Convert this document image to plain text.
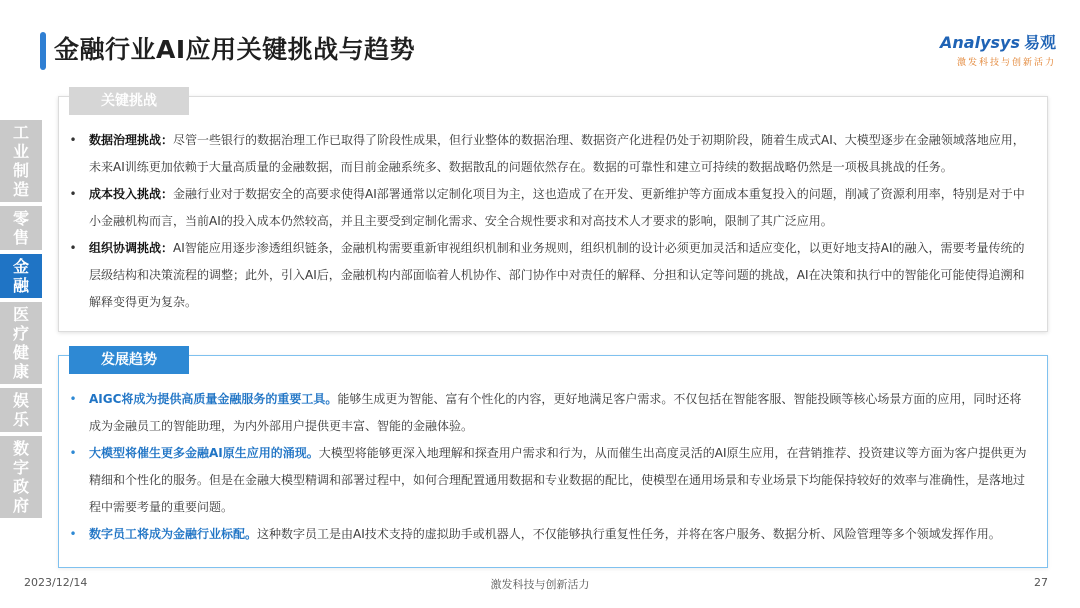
金融行业AI应用关键挑战与趋势	Analysys 易观
激发科技与创新活力
工
业
制
造
零
售
金
融
医
疗
健
康
娱
乐
数
字
政
府
关键挑战
•	数据治理挑战：尽管一些银行的数据治理工作已取得了阶段性成果，但行业整体的数据治理、数据资产化进程仍处于初期阶段，随着生成式AI、大模型逐步在金融领域落地应用，未来AI训练更加依赖于大量高质量的金融数据，而目前金融系统多、数据散乱的问题依然存在。数据的可靠性和建立可持续的数据战略仍然是一项极具挑战的任务。
•	成本投入挑战：金融行业对于数据安全的高要求使得AI部署通常以定制化项目为主，这也造成了在开发、更新维护等方面成本重复投入的问题，削减了资源利用率，特别是对于中小金融机构而言，当前AI的投入成本仍然较高，并且主要受到定制化需求、安全合规性要求和对高技术人才要求的影响，限制了其广泛应用。
•	组织协调挑战：AI智能应用逐步渗透组织链条，金融机构需要重新审视组织机制和业务规则，组织机制的设计必须更加灵活和适应变化，以更好地支持AI的融入，需要考量传统的层级结构和决策流程的调整；此外，引入AI后，金融机构内部面临着人机协作、部门协作中对责任的解释、分担和认定等问题的挑战，AI在决策和执行中的智能化可能使得追溯和解释变得更为复杂。
发展趋势
•	AIGC将成为提供高质量金融服务的重要工具。能够生成更为智能、富有个性化的内容，更好地满足客户需求。不仅包括在智能客服、智能投顾等核心场景方面的应用，同时还将成为金融员工的智能助理，为内外部用户提供更丰富、智能的金融体验。
•	大模型将催生更多金融AI原生应用的涌现。大模型将能够更深入地理解和探查用户需求和行为，从而催生出高度灵活的AI原生应用，在营销推荐、投资建议等方面为客户提供更为精细和个性化的服务。但是在金融大模型精调和部署过程中，如何合理配置通用数据和专业数据的配比，使模型在通用场景和专业场景下均能保持较好的效率与准确性，是落地过程中需要考量的重要问题。
•	数字员工将成为金融行业标配。这种数字员工是由AI技术支持的虚拟助手或机器人，不仅能够执行重复性任务，并将在客户服务、数据分析、风险管理等多个领域发挥作用。
2023/12/14	激发科技与创新活力	27
